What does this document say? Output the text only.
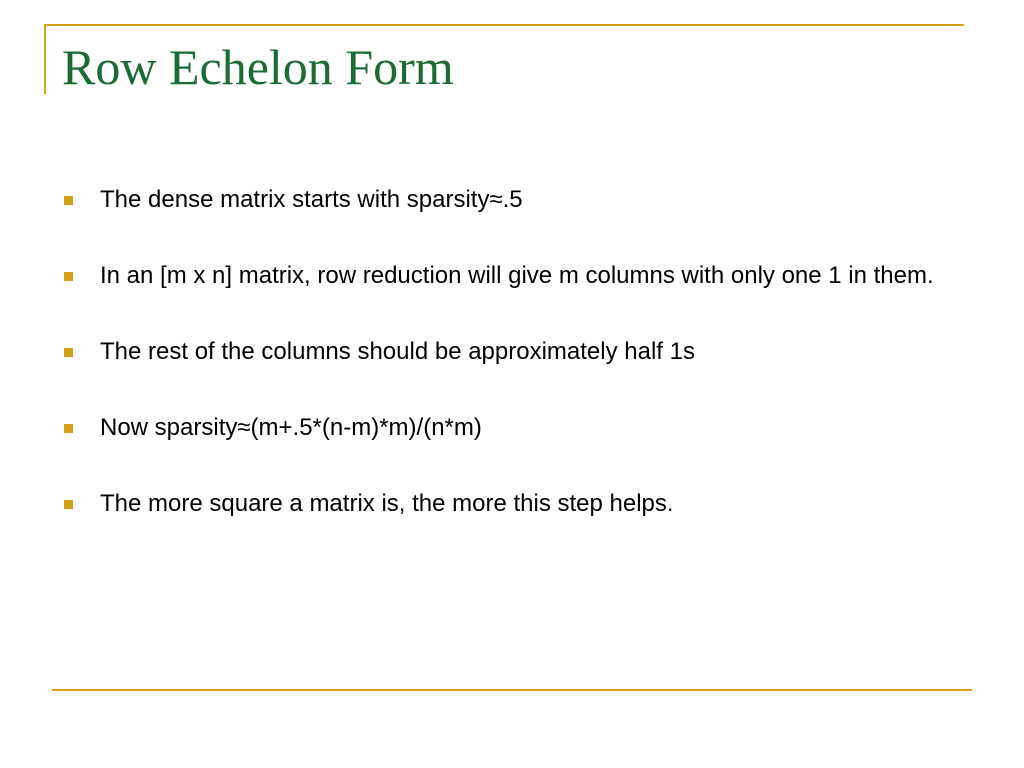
Row Echelon Form
The dense matrix starts with sparsity≈.5
In an [m x n] matrix, row reduction will give m columns with only one 1 in them.
The rest of the columns should be approximately half 1s
Now sparsity≈(m+.5*(n-m)*m)/(n*m)
The more square a matrix is, the more this step helps.
